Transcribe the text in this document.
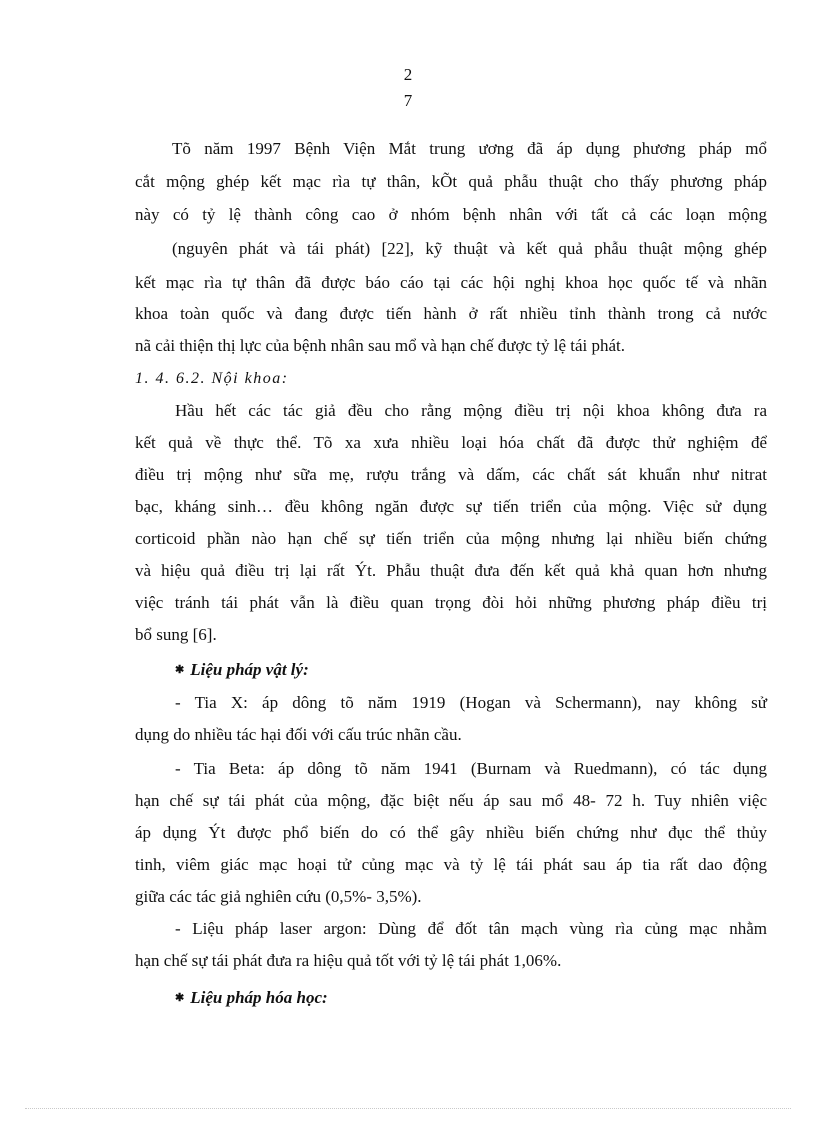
2
7
Tõ năm 1997 Bệnh Viện Mắt trung ương đã áp dụng phương pháp mổ
cắt mộng ghép kết mạc rìa tự thân, kÕt quả phẫu thuật cho thấy phương pháp
này có tỷ lệ thành công cao ở nhóm bệnh nhân với tất cả các loạn mộng
(nguyên phát và tái phát) [22], kỹ thuật và kết quả phẫu thuật mộng ghép
kết mạc rìa tự thân đã được báo cáo tại các hội nghị khoa học quốc tế và nhãn
khoa toàn quốc và đang được tiến hành ở rất nhiều tỉnh thành trong cả nước
nã cải thiện thị lực của bệnh nhân sau mổ và hạn chế được tỷ lệ tái phát.
1. 4. 6.2. Nội khoa:
Hầu hết các tác giả đều cho rằng mộng điều trị nội khoa không đưa ra
kết quả về thực thể. Tõ xa xưa nhiều loại hóa chất đã được thử nghiệm để
điều trị mộng như sữa mẹ, rượu trắng và dấm, các chất sát khuẩn như nitrat
bạc, kháng sinh… đều không ngăn được sự tiến triển của mộng. Việc sử dụng
corticoid phần nào hạn chế sự tiến triển của mộng nhưng lại nhiều biến chứng
và hiệu quả điều trị lại rất Ýt. Phẫu thuật đưa đến kết quả khả quan hơn nhưng
việc tránh tái phát vẫn là điều quan trọng đòi hỏi những phương pháp điều trị
bổ sung [6].
✱ Liệu pháp vật lý:
- Tia X: áp dông tõ năm 1919 (Hogan và Schermann), nay không sử
dụng do nhiều tác hại đối với cấu trúc nhãn cầu.
- Tia Beta: áp dông tõ năm 1941 (Burnam và Ruedmann), có tác dụng
hạn chế sự tái phát của mộng, đặc biệt nếu áp sau mổ 48- 72 h. Tuy nhiên việc
áp dụng Ýt được phổ biến do có thể gây nhiều biến chứng như đục thể thủy
tinh, viêm giác mạc hoại tử củng mạc và tỷ lệ tái phát sau áp tia rất dao động
giữa các tác giả nghiên cứu (0,5%- 3,5%).
- Liệu pháp laser argon: Dùng để đốt tân mạch vùng rìa củng mạc nhằm
hạn chế sự tái phát đưa ra hiệu quả tốt với tỷ lệ tái phát 1,06%.
✱ Liệu pháp hóa học:
